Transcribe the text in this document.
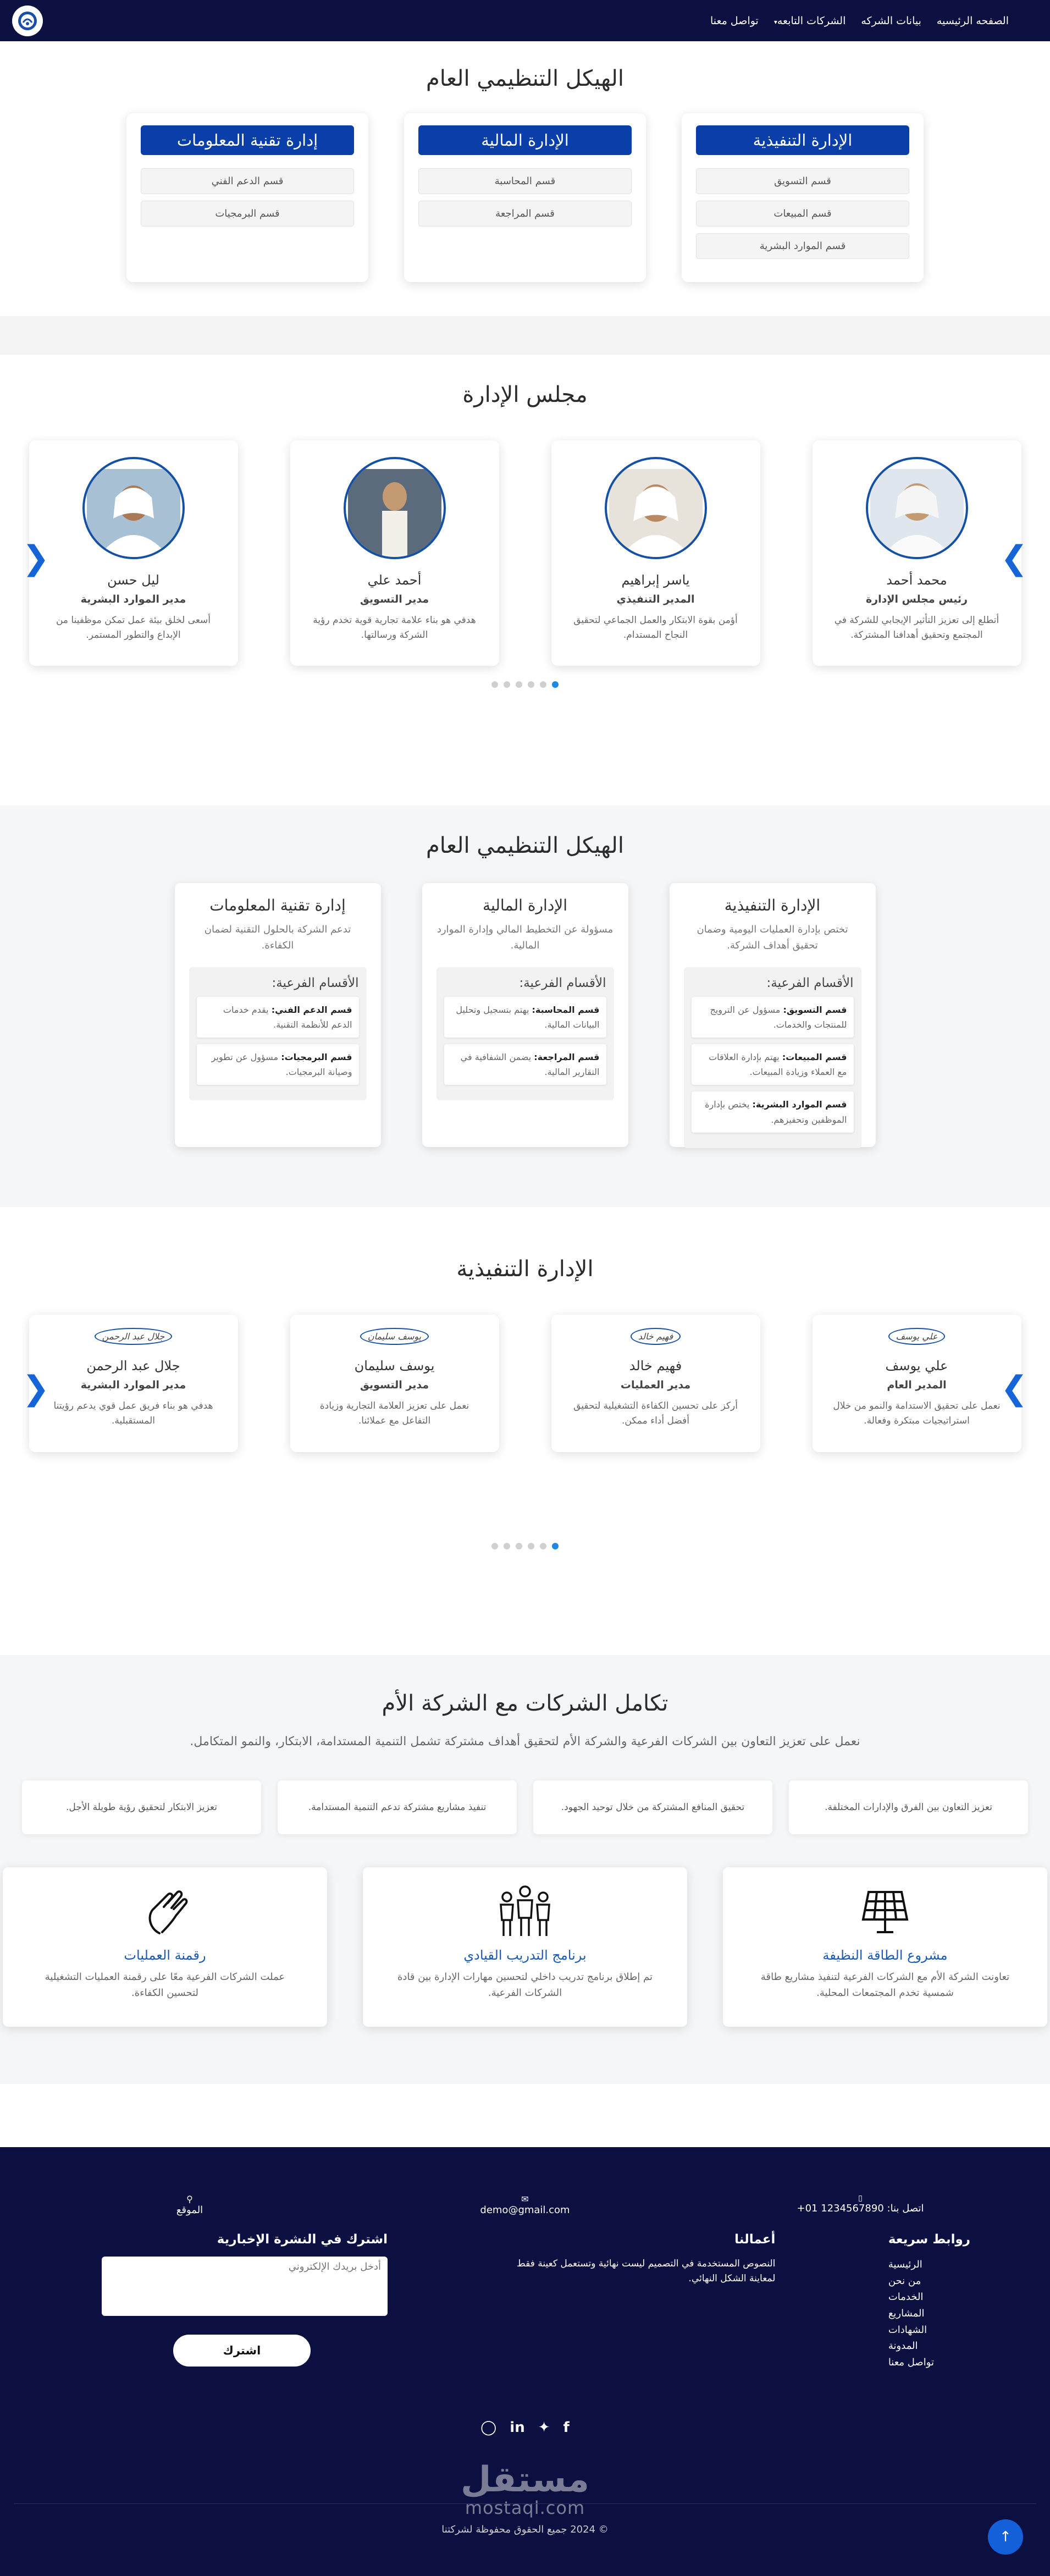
الصفحه الرئيسيه
بيانات الشركه
الشركات التابعه▾
تواصل معنا
الهيكل التنظيمي العام
الإدارة التنفيذية
قسم التسويق
قسم المبيعات
قسم الموارد البشرية
الإدارة المالية
قسم المحاسبة
قسم المراجعة
إدارة تقنية المعلومات
قسم الدعم الفني
قسم البرمجيات
مجلس الإدارة
❯
❮
محمد أحمد
رئيس مجلس الإدارة
أتطلع إلى تعزيز التأثير الإيجابي للشركة في المجتمع وتحقيق أهدافنا المشتركة.
ياسر إبراهيم
المدير التنفيذي
أؤمن بقوة الابتكار والعمل الجماعي لتحقيق النجاح المستدام.
أحمد علي
مدير التسويق
هدفي هو بناء علامة تجارية قوية تخدم رؤية الشركة ورسالتها.
ليل حسن
مدير الموارد البشرية
أسعى لخلق بيئة عمل تمكن موظفينا من الإبداع والتطور المستمر.
الهيكل التنظيمي العام
الإدارة التنفيذية

تختص بإدارة العمليات اليومية وضمان تحقيق أهداف الشركة.

الأقسام الفرعية:
قسم التسويق: مسؤول عن الترويج للمنتجات والخدمات.
قسم المبيعات: يهتم بإدارة العلاقات مع العملاء وزيادة المبيعات.
قسم الموارد البشرية: يختص بإدارة الموظفين وتحفيزهم.
الإدارة المالية

مسؤولة عن التخطيط المالي وإدارة الموارد المالية.

الأقسام الفرعية:
قسم المحاسبة: يهتم بتسجيل وتحليل البيانات المالية.
قسم المراجعة: يضمن الشفافية في التقارير المالية.
إدارة تقنية المعلومات

تدعم الشركة بالحلول التقنية لضمان الكفاءة.

الأقسام الفرعية:
قسم الدعم الفني: يقدم خدمات الدعم للأنظمة التقنية.
قسم البرمجيات: مسؤول عن تطوير وصيانة البرمجيات.
الإدارة التنفيذية
❯
❮
علي يوسف
علي يوسف
المدير العام
نعمل على تحقيق الاستدامة والنمو من خلال استراتيجيات مبتكرة وفعالة.
فهيم خالد
فهيم خالد
مدير العمليات
أركز على تحسين الكفاءة التشغيلية لتحقيق أفضل أداء ممكن.
يوسف سليمان
يوسف سليمان
مدير التسويق
نعمل على تعزيز العلامة التجارية وزيادة التفاعل مع عملائنا.
جلال عبد الرحمن
جلال عبد الرحمن
مدير الموارد البشرية
هدفي هو بناء فريق عمل قوي يدعم رؤيتنا المستقبلية.
تكامل الشركات مع الشركة الأم

نعمل على تعزيز التعاون بين الشركات الفرعية والشركة الأم لتحقيق أهداف مشتركة تشمل التنمية المستدامة، الابتكار، والنمو المتكامل.

تعزيز التعاون بين الفرق والإدارات المختلفة.
تحقيق المنافع المشتركة من خلال توحيد الجهود.
تنفيذ مشاريع مشتركة تدعم التنمية المستدامة.
تعزيز الابتكار لتحقيق رؤية طويلة الأجل.
مشروع الطاقة النظيفة
تعاونت الشركة الأم مع الشركات الفرعية لتنفيذ مشاريع طاقة شمسية تخدم المجتمعات المحلية.
برنامج التدريب القيادي
تم إطلاق برنامج تدريب داخلي لتحسين مهارات الإدارة بين قادة الشركات الفرعية.
رقمنة العمليات
عملت الشركات الفرعية معًا على رقمنة العمليات التشغيلية لتحسين الكفاءة.
▯
اتصل بنا: 1234567890 01+
✉
demo@gmail.com
⚲
الموقع
روابط سريعة
الرئيسية
من نحن
الخدمات
المشاريع
الشهادات
المدونة
تواصل معنا
أعمالنا

النصوص المستخدمة في التصميم ليست نهائية وتستعمل كعينة فقط لمعاينة الشكل النهائي.

اشترك في النشرة الإخبارية
أدخل بريدك الإلكتروني
اشترك
◯ in ✦ f
مستقل
mostaql.com
© 2024 جميع الحقوق محفوظة لشركتنا	↑
